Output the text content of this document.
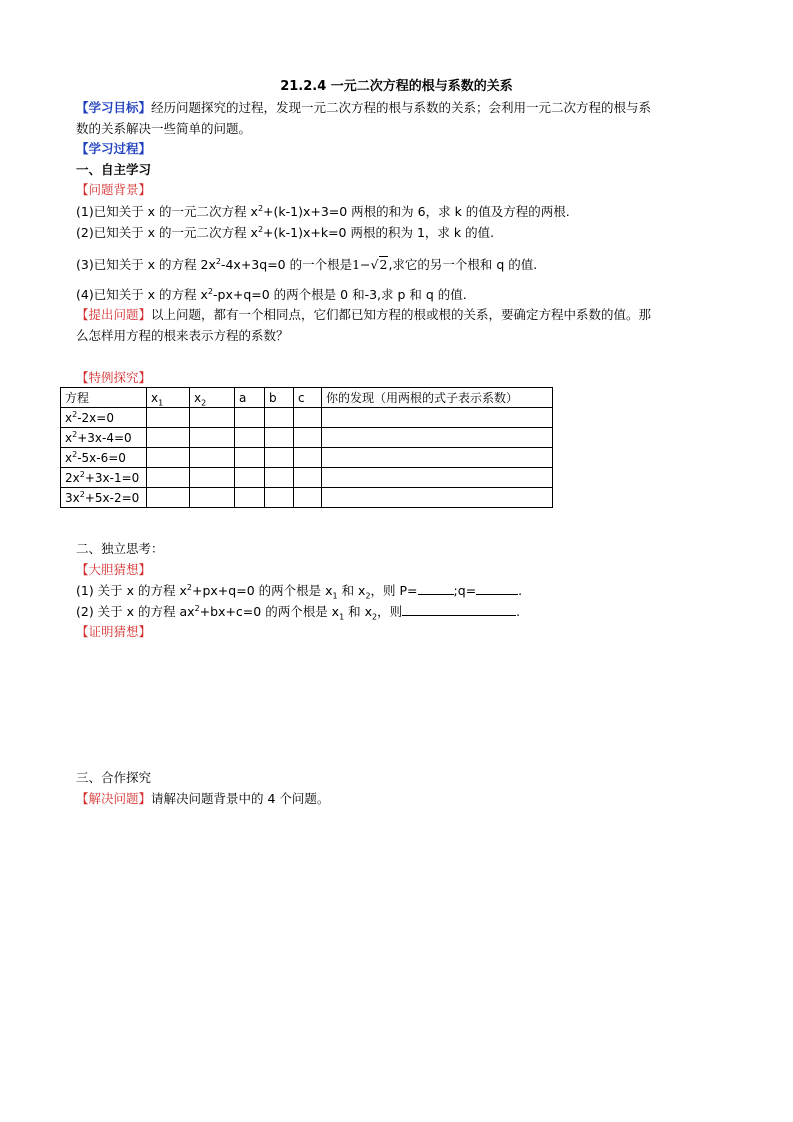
21.2.4 一元二次方程的根与系数的关系
【学习目标】经历问题探究的过程，发现一元二次方程的根与系数的关系；会利用一元二次方程的根与系
数的关系解决一些简单的问题。
【学习过程】
一、自主学习
【问题背景】
(1)已知关于 x 的一元二次方程 $x^2+(k-1)x+3=0$ 两根的和为 6，求 k 的值及方程的两根.
(2)已知关于 x 的一元二次方程 $x^2+(k-1)x+k=0$ 两根的积为 1，求 k 的值.
(3)已知关于 x 的方程 $2x^2-4x+3q=0$ 的一个根是1−√2,求它的另一个根和 q 的值.
(4)已知关于 x 的方程 $x^2-px+q=0$ 的两个根是 0 和-3,求 p 和 q 的值.
【提出问题】以上问题，都有一个相同点，它们都已知方程的根或根的关系，要确定方程中系数的值。那
么怎样用方程的根来表示方程的系数？
【特例探究】
方程	$x_1$	$x_2$	a	b	c	你的发现（用两根的式子表示系数）
$x^2-2x=0$						
$x^2+3x-4=0$						
$x^2-5x-6=0$						
$2x^2+3x-1=0$						
$3x^2+5x-2=0$						
二、独立思考：
【大胆猜想】
(1) 关于 x 的方程 $x^2+px+q=0$ 的两个根是 $x_1$ 和 $x_2$，则 P=	;q=	.
(2) 关于 x 的方程 $ax^2+bx+c=0$ 的两个根是 $x_1$ 和 $x_2$，则	.
【证明猜想】
三、合作探究
【解决问题】请解决问题背景中的 4 个问题。
